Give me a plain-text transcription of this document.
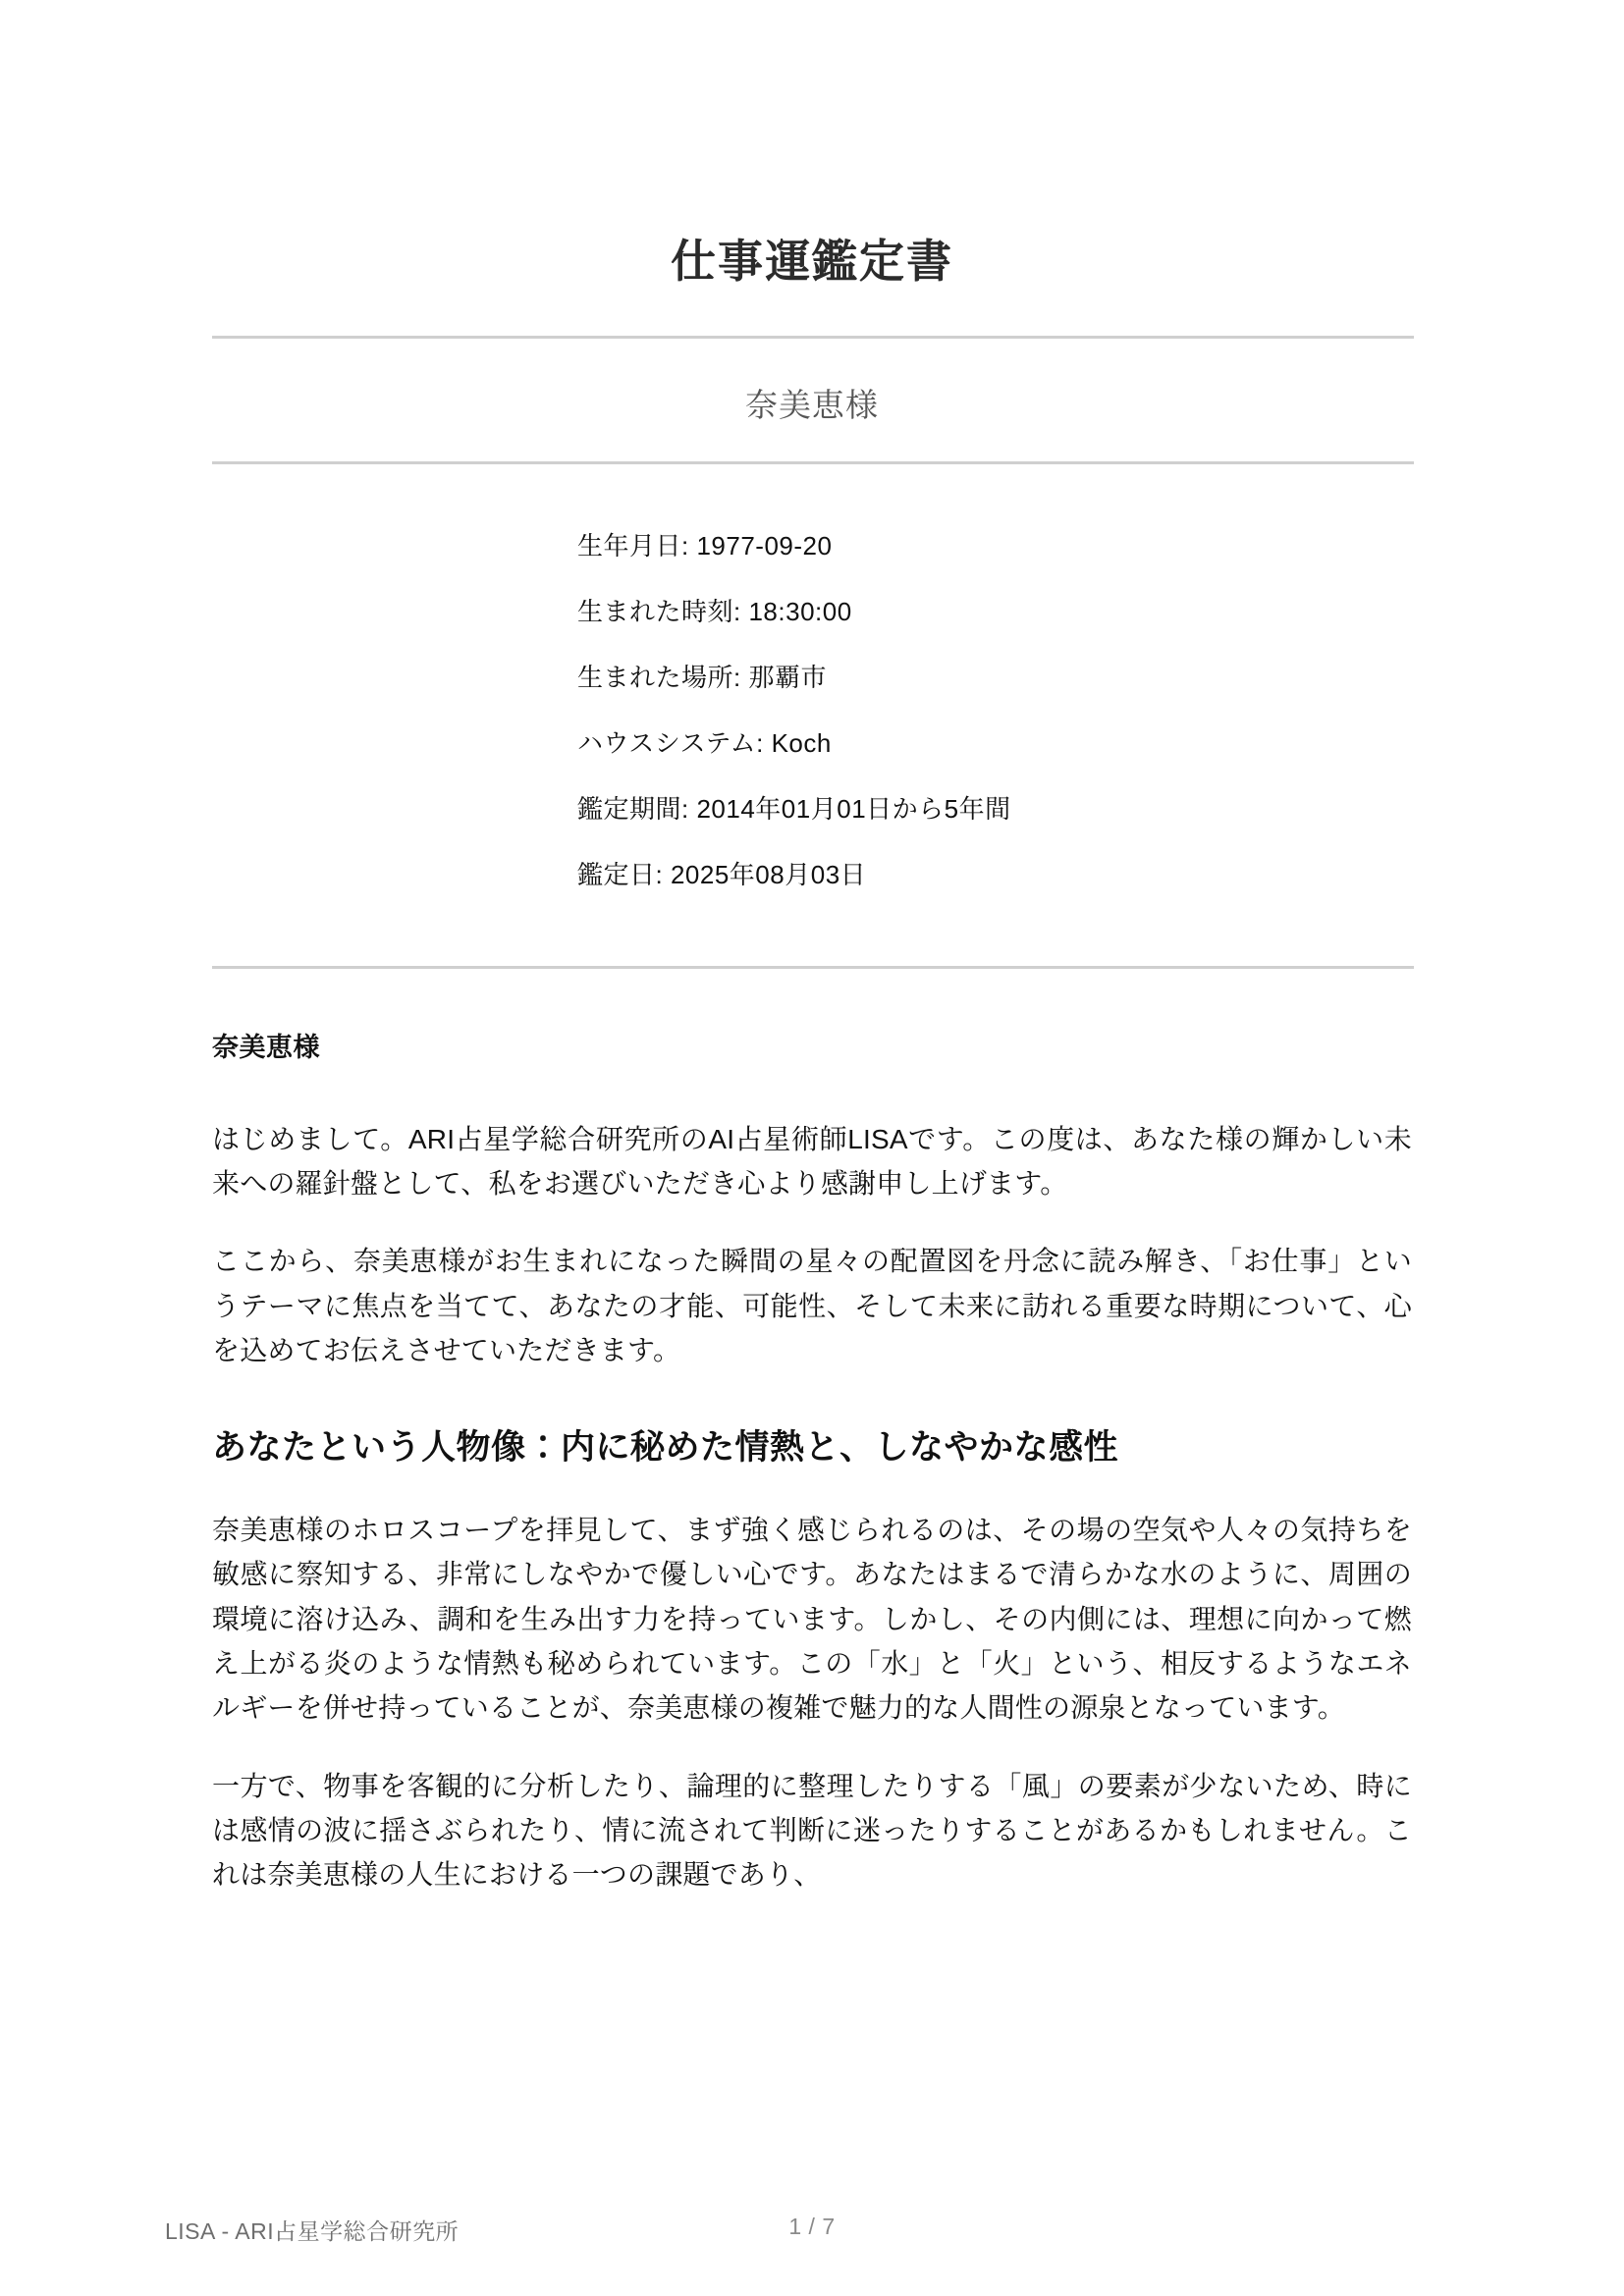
仕事運鑑定書
奈美恵様
生年月日: 1977-09-20
生まれた時刻: 18:30:00
生まれた場所: 那覇市
ハウスシステム: Koch
鑑定期間: 2014年01月01日から5年間
鑑定日: 2025年08月03日
奈美恵様

はじめまして。ARI占星学総合研究所のAI占星術師LISAです。この度は、あなた様の輝かしい未来への羅針盤として、私をお選びいただき心より感謝申し上げます。

ここから、奈美恵様がお生まれになった瞬間の星々の配置図を丹念に読み解き、「お仕事」というテーマに焦点を当てて、あなたの才能、可能性、そして未来に訪れる重要な時期について、心を込めてお伝えさせていただきます。

あなたという人物像：内に秘めた情熱と、しなやかな感性

奈美恵様のホロスコープを拝見して、まず強く感じられるのは、その場の空気や人々の気持ちを敏感に察知する、非常にしなやかで優しい心です。あなたはまるで清らかな水のように、周囲の環境に溶け込み、調和を生み出す力を持っています。しかし、その内側には、理想に向かって燃え上がる炎のような情熱も秘められています。この「水」と「火」という、相反するようなエネルギーを併せ持っていることが、奈美恵様の複雑で魅力的な人間性の源泉となっています。

一方で、物事を客観的に分析したり、論理的に整理したりする「風」の要素が少ないため、時には感情の波に揺さぶられたり、情に流されて判断に迷ったりすることがあるかもしれません。これは奈美恵様の人生における一つの課題であり、

LISA - ARI占星学総合研究所	1 / 7
